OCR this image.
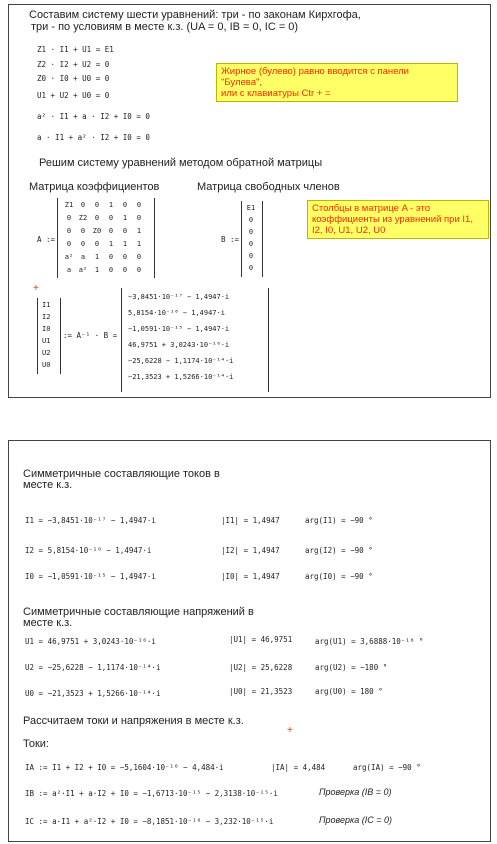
Составим систему шести уравнений: три - по законам Кирхгофа,
три - по условиям в месте к.з. (UA = 0, IB = 0, IC = 0)
Z1 · I1 + U1 = E1
Z2 · I2 + U2 = 0
Z0 · I0 + U0 = 0
U1 + U2 + U0 = 0
a² · I1 + a · I2 + I0 = 0
a · I1 + a² · I2 + I0 = 0
Жирное (булево) равно вводится с панели
"Булева",
или с клавиатуры Ctr + =
Решим систему уравнений методом обратной матрицы
Матрица коэффициентов	Матрица свободных членов
Столбцы в матрице A - это
коэффициенты из уравнений при I1,
I2, I0, U1, U2, U0
A :=
Z1	0	0	1	0	0
0	Z2	0	0	1	0
0	0	Z0	0	0	1
0	0	0	1	1	1
a²	a	1	0	0	0
a	a²	1	0	0	0
B :=
E1
0
0
0
0
0
+
I1
I2
I0
U1
U2
U0
:= A⁻¹ · B =
−3,8451·10⁻¹⁷ − 1,4947·i
5,8154·10⁻¹⁶ − 1,4947·i
−1,0591·10⁻¹⁵ − 1,4947·i
46,9751 + 3,0243·10⁻¹⁶·i
−25,6228 − 1,1174·10⁻¹⁴·i
−21,3523 + 1,5266·10⁻¹⁴·i
Симметричные составляющие токов в
месте к.з.
I1 = −3,8451·10⁻¹⁷ − 1,4947·i	|I1| = 1,4947	arg(I1) = −90 °
I2 = 5,8154·10⁻¹⁶ − 1,4947·i	|I2| = 1,4947	arg(I2) = −90 °
I0 = −1,0591·10⁻¹⁵ − 1,4947·i	|I0| = 1,4947	arg(I0) = −90 °
Симметричные составляющие напряжений в
месте к.з.
U1 = 46,9751 + 3,0243·10⁻¹⁶·i	|U1| = 46,9751	arg(U1) = 3,6888·10⁻¹⁶ °
U2 = −25,6228 − 1,1174·10⁻¹⁴·i	|U2| = 25,6228	arg(U2) = −180 °
U0 = −21,3523 + 1,5266·10⁻¹⁴·i	|U0| = 21,3523	arg(U0) = 180 °
Рассчитаем токи и напряжения в месте к.з.
+
Токи:
IA := I1 + I2 + I0 = −5,1604·10⁻¹⁶ − 4,484·i	|IA| = 4,484	arg(IA) = −90 °
IB := a²·I1 + a·I2 + I0 = −1,6713·10⁻¹⁵ − 2,3138·10⁻¹⁵·i	Проверка (IB = 0)
IC := a·I1 + a²·I2 + I0 = −8,1851·10⁻¹⁶ − 3,232·10⁻¹⁵·i	Проверка (IC = 0)
